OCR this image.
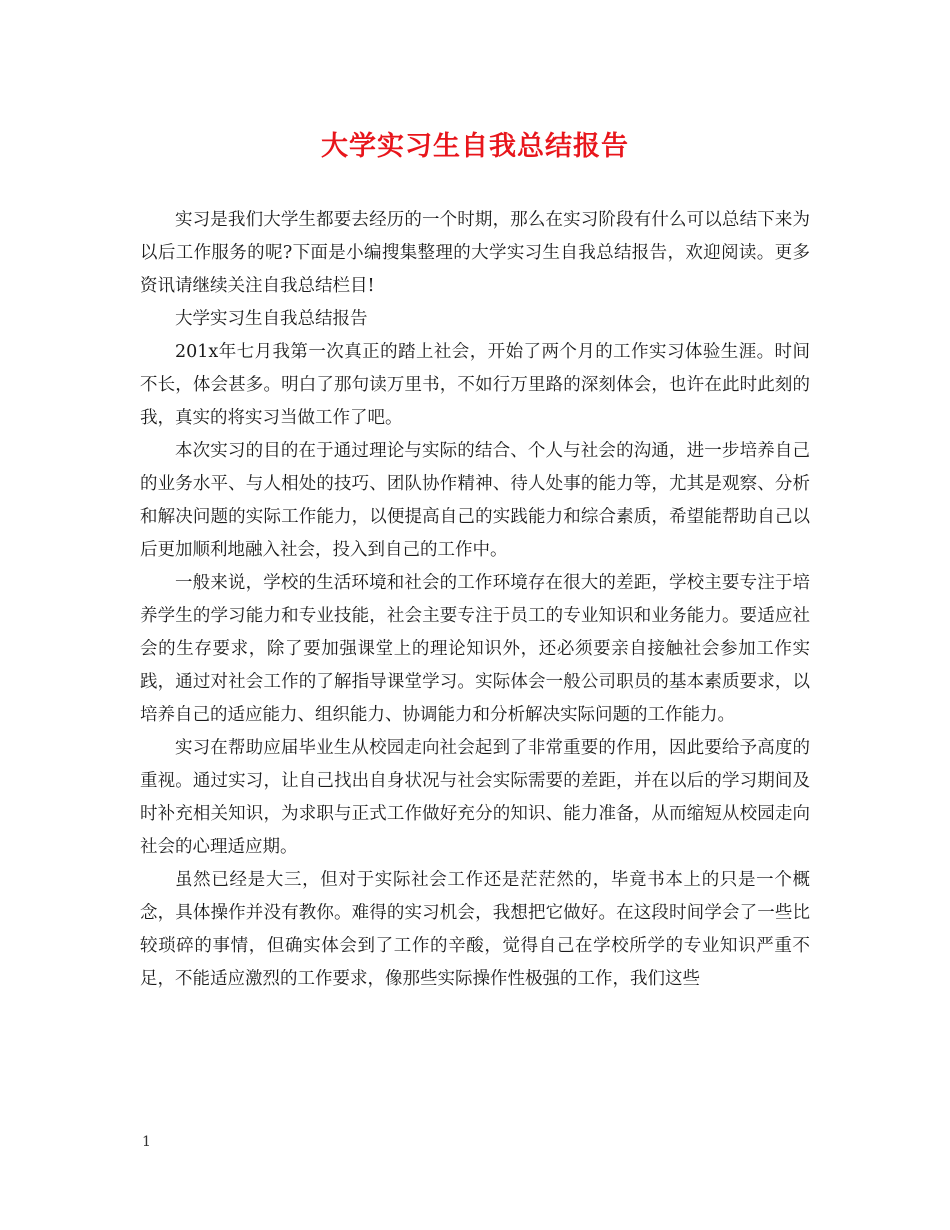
大学实习生自我总结报告

实习是我们大学生都要去经历的一个时期，那么在实习阶段有什么可以总结下来为以后工作服务的呢?下面是小编搜集整理的大学实习生自我总结报告，欢迎阅读。更多资讯请继续关注自我总结栏目!

大学实习生自我总结报告

201x年七月我第一次真正的踏上社会，开始了两个月的工作实习体验生涯。时间不长，体会甚多。明白了那句读万里书，不如行万里路的深刻体会，也许在此时此刻的我，真实的将实习当做工作了吧。

本次实习的目的在于通过理论与实际的结合、个人与社会的沟通，进一步培养自己的业务水平、与人相处的技巧、团队协作精神、待人处事的能力等，尤其是观察、分析和解决问题的实际工作能力，以便提高自己的实践能力和综合素质，希望能帮助自己以后更加顺利地融入社会，投入到自己的工作中。

一般来说，学校的生活环境和社会的工作环境存在很大的差距，学校主要专注于培养学生的学习能力和专业技能，社会主要专注于员工的专业知识和业务能力。要适应社会的生存要求，除了要加强课堂上的理论知识外，还必须要亲自接触社会参加工作实践，通过对社会工作的了解指导课堂学习。实际体会一般公司职员的基本素质要求，以培养自己的适应能力、组织能力、协调能力和分析解决实际问题的工作能力。

实习在帮助应届毕业生从校园走向社会起到了非常重要的作用，因此要给予高度的重视。通过实习，让自己找出自身状况与社会实际需要的差距，并在以后的学习期间及时补充相关知识，为求职与正式工作做好充分的知识、能力准备，从而缩短从校园走向社会的心理适应期。

虽然已经是大三，但对于实际社会工作还是茫茫然的，毕竟书本上的只是一个概念，具体操作并没有教你。难得的实习机会，我想把它做好。在这段时间学会了一些比较琐碎的事情，但确实体会到了工作的辛酸，觉得自己在学校所学的专业知识严重不足，不能适应激烈的工作要求，像那些实际操作性极强的工作，我们这些

1
